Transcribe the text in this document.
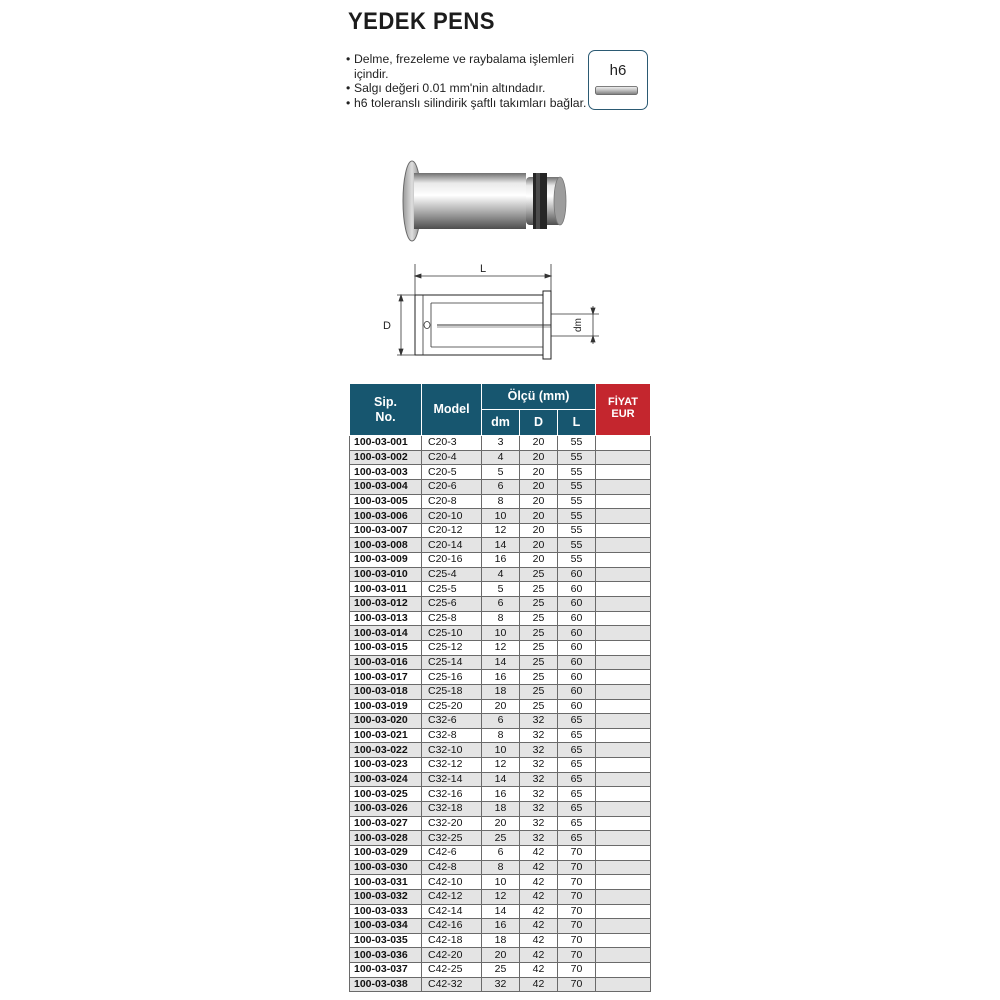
YEDEK PENS
• Delme, frezeleme ve raybalama işlemleri içindir.
• Salgı değeri 0.01 mm'nin altındadır.
• h6 toleranslı silindirik şaftlı takımları bağlar.
h6
L
D	dm
Sip.
No.	Model	Ölçü (mm)			FİYAT
EUR
		dm	D	L	
100-03-001	C20-3	3	20	55	
100-03-002	C20-4	4	20	55	
100-03-003	C20-5	5	20	55	
100-03-004	C20-6	6	20	55	
100-03-005	C20-8	8	20	55	
100-03-006	C20-10	10	20	55	
100-03-007	C20-12	12	20	55	
100-03-008	C20-14	14	20	55	
100-03-009	C20-16	16	20	55	
100-03-010	C25-4	4	25	60	
100-03-011	C25-5	5	25	60	
100-03-012	C25-6	6	25	60	
100-03-013	C25-8	8	25	60	
100-03-014	C25-10	10	25	60	
100-03-015	C25-12	12	25	60	
100-03-016	C25-14	14	25	60	
100-03-017	C25-16	16	25	60	
100-03-018	C25-18	18	25	60	
100-03-019	C25-20	20	25	60	
100-03-020	C32-6	6	32	65	
100-03-021	C32-8	8	32	65	
100-03-022	C32-10	10	32	65	
100-03-023	C32-12	12	32	65	
100-03-024	C32-14	14	32	65	
100-03-025	C32-16	16	32	65	
100-03-026	C32-18	18	32	65	
100-03-027	C32-20	20	32	65	
100-03-028	C32-25	25	32	65	
100-03-029	C42-6	6	42	70	
100-03-030	C42-8	8	42	70	
100-03-031	C42-10	10	42	70	
100-03-032	C42-12	12	42	70	
100-03-033	C42-14	14	42	70	
100-03-034	C42-16	16	42	70	
100-03-035	C42-18	18	42	70	
100-03-036	C42-20	20	42	70	
100-03-037	C42-25	25	42	70	
100-03-038	C42-32	32	42	70	
